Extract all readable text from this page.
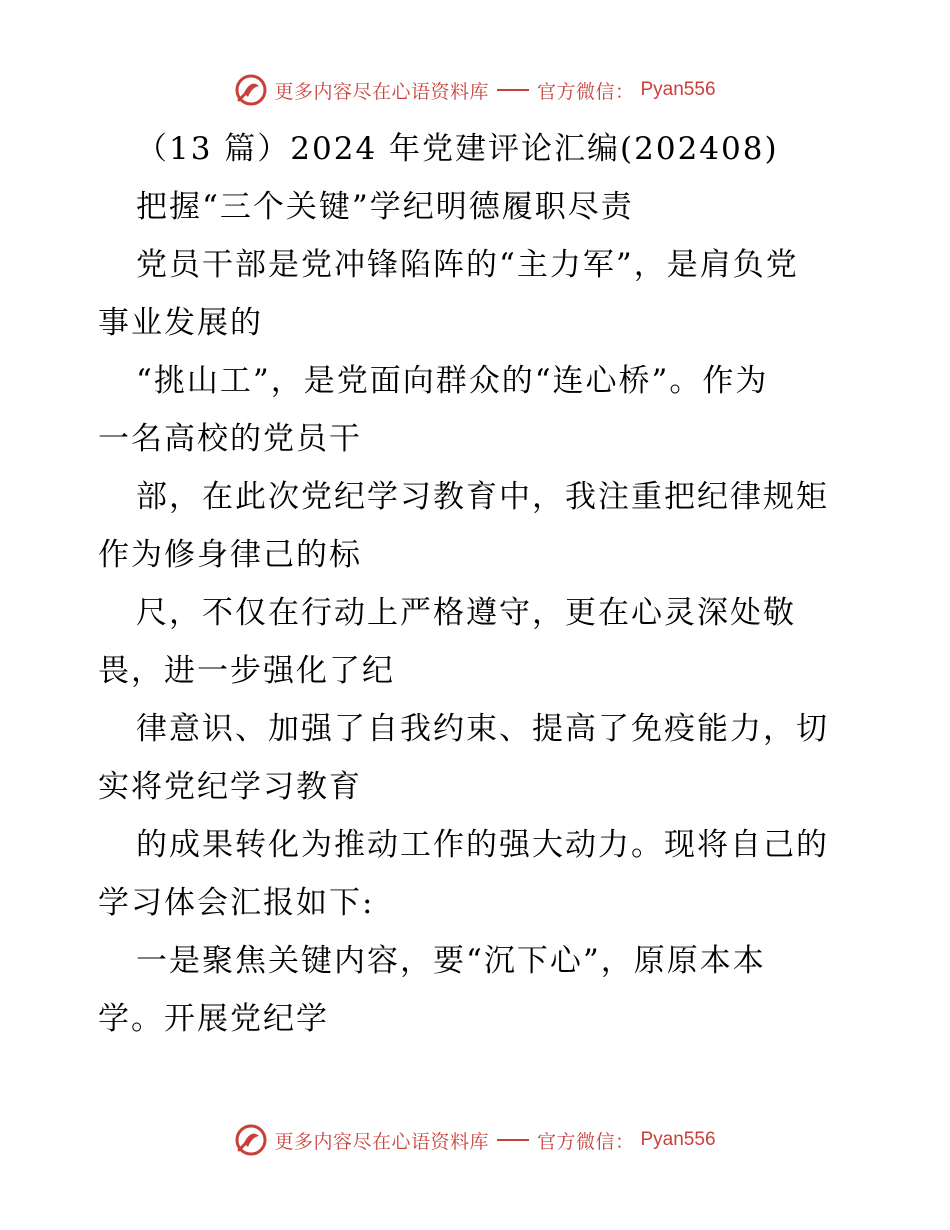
更多内容尽在心语资料库	官方微信： Pyan556
（13 篇）2024 年党建评论汇编(202408)
把握“三个关键”学纪明德履职尽责
党员干部是党冲锋陷阵的“主力军”，是肩负党
事业发展的
“挑山工”，是党面向群众的“连心桥”。作为
一名高校的党员干
部，在此次党纪学习教育中，我注重把纪律规矩
作为修身律己的标
尺，不仅在行动上严格遵守，更在心灵深处敬
畏，进一步强化了纪
律意识、加强了自我约束、提高了免疫能力，切
实将党纪学习教育
的成果转化为推动工作的强大动力。现将自己的
学习体会汇报如下:
一是聚焦关键内容，要“沉下心”，原原本本
学。开展党纪学
更多内容尽在心语资料库	官方微信： Pyan556
